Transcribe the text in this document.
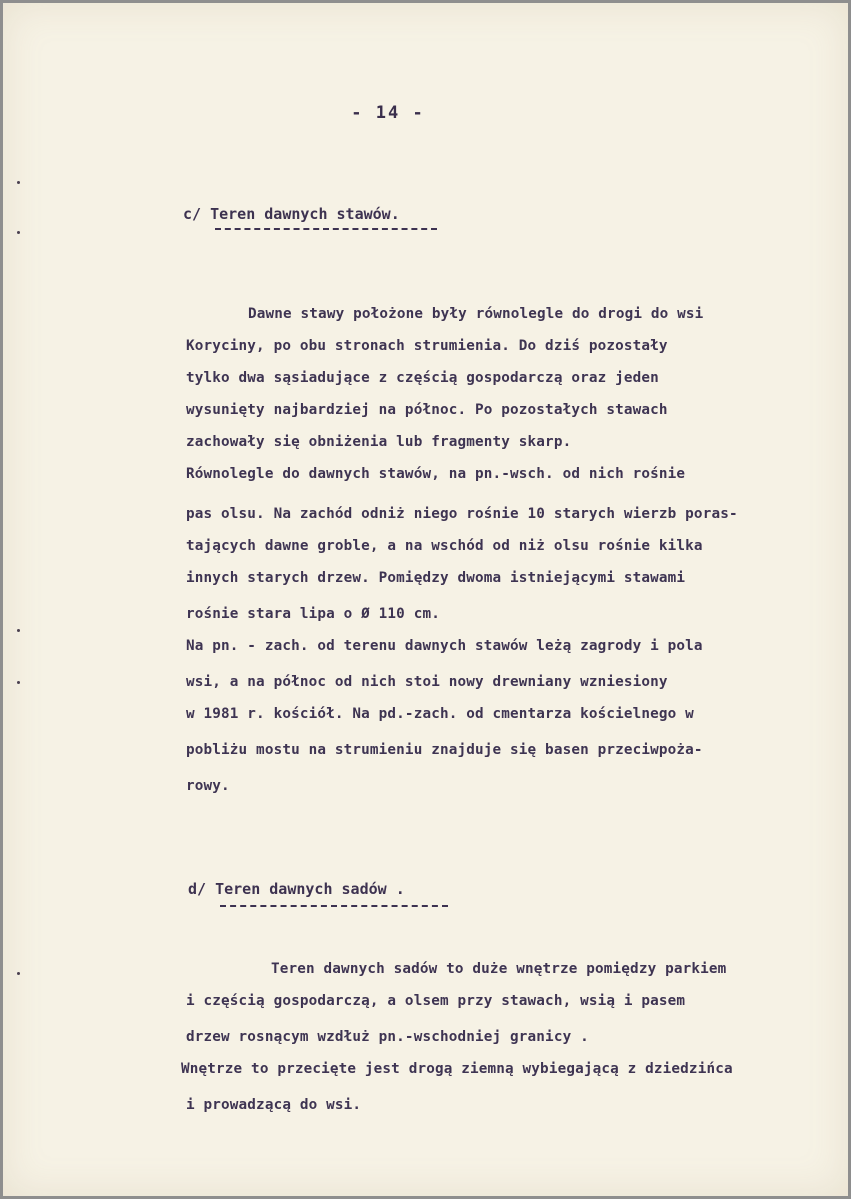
- 14 -
c/ Teren dawnych stawów.
Dawne stawy położone były równolegle do drogi do wsi
Koryciny, po obu stronach strumienia. Do dziś pozostały
tylko dwa sąsiadujące z częścią gospodarczą oraz jeden
wysunięty najbardziej na północ. Po pozostałych stawach
zachowały się obniżenia lub fragmenty skarp.
Równolegle do dawnych stawów, na pn.-wsch. od nich rośnie
pas olsu. Na zachód odniż niego rośnie 10 starych wierzb poras-
tających dawne groble, a na wschód od niż olsu rośnie kilka
innych starych drzew. Pomiędzy dwoma istniejącymi stawami
rośnie stara lipa o Ø 110 cm.
Na pn. - zach. od terenu dawnych stawów leżą zagrody i pola
wsi, a na północ od nich stoi nowy drewniany wzniesiony
w 1981 r. kościół. Na pd.-zach. od cmentarza kościelnego w
pobliżu mostu na strumieniu znajduje się basen przeciwpoża-
rowy.
d/ Teren dawnych sadów .
Teren dawnych sadów to duże wnętrze pomiędzy parkiem
i częścią gospodarczą, a olsem przy stawach, wsią i pasem
drzew rosnącym wzdłuż pn.-wschodniej granicy .
Wnętrze to przecięte jest drogą ziemną wybiegającą z dziedzińca
i prowadzącą do wsi.
